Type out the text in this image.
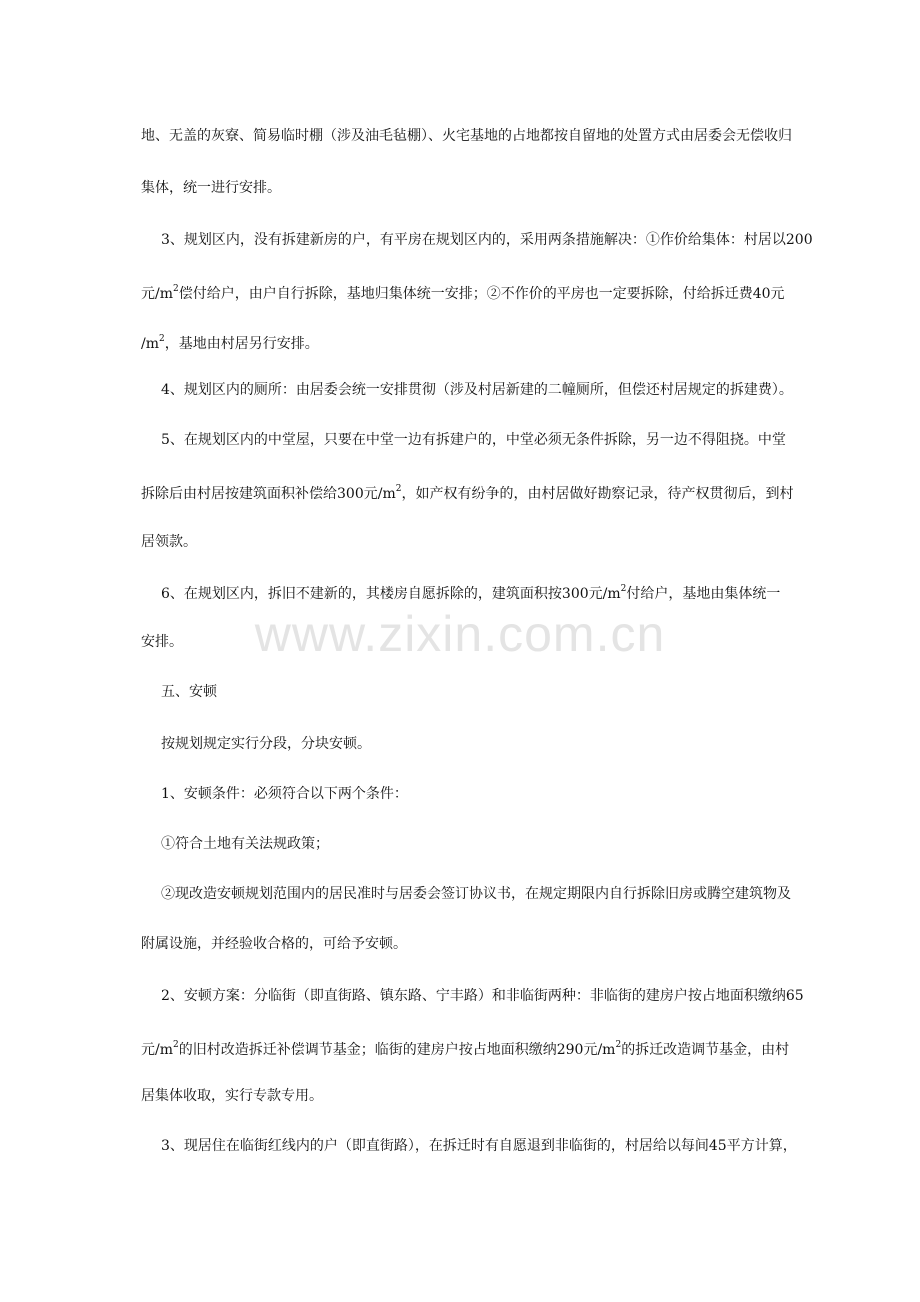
www.zixin.com.cn
地、无盖的灰寮、简易临时棚（涉及油毛毡棚）、火宅基地的占地都按自留地的处置方式由居委会无偿收归
集体，统一进行安排。
3、规划区内，没有拆建新房的户，有平房在规划区内的，采用两条措施解决：①作价给集体：村居以200
元$/m^2$偿付给户，由户自行拆除，基地归集体统一安排；②不作价的平房也一定要拆除，付给拆迁费40元
$/m^2$，基地由村居另行安排。
4、规划区内的厕所：由居委会统一安排贯彻（涉及村居新建的二幢厕所，但偿还村居规定的拆建费）。
5、在规划区内的中堂屋，只要在中堂一边有拆建户的，中堂必须无条件拆除，另一边不得阻挠。中堂
拆除后由村居按建筑面积补偿给300元$/m^2$，如产权有纷争的，由村居做好勘察记录，待产权贯彻后，到村
居领款。
6、在规划区内，拆旧不建新的，其楼房自愿拆除的，建筑面积按300元$/m^2$付给户，基地由集体统一
安排。
五、安顿
按规划规定实行分段，分块安顿。
1、安顿条件：必须符合以下两个条件：
①符合土地有关法规政策；
②现改造安顿规划范围内的居民准时与居委会签订协议书，在规定期限内自行拆除旧房或腾空建筑物及
附属设施，并经验收合格的，可给予安顿。
2、安顿方案：分临街（即直街路、镇东路、宁丰路）和非临街两种：非临街的建房户按占地面积缴纳65
元$/m^2$的旧村改造拆迁补偿调节基金；临街的建房户按占地面积缴纳290元$/m^2$的拆迁改造调节基金，由村
居集体收取，实行专款专用。
3、现居住在临街红线内的户（即直街路），在拆迁时有自愿退到非临街的，村居给以每间45平方计算，
